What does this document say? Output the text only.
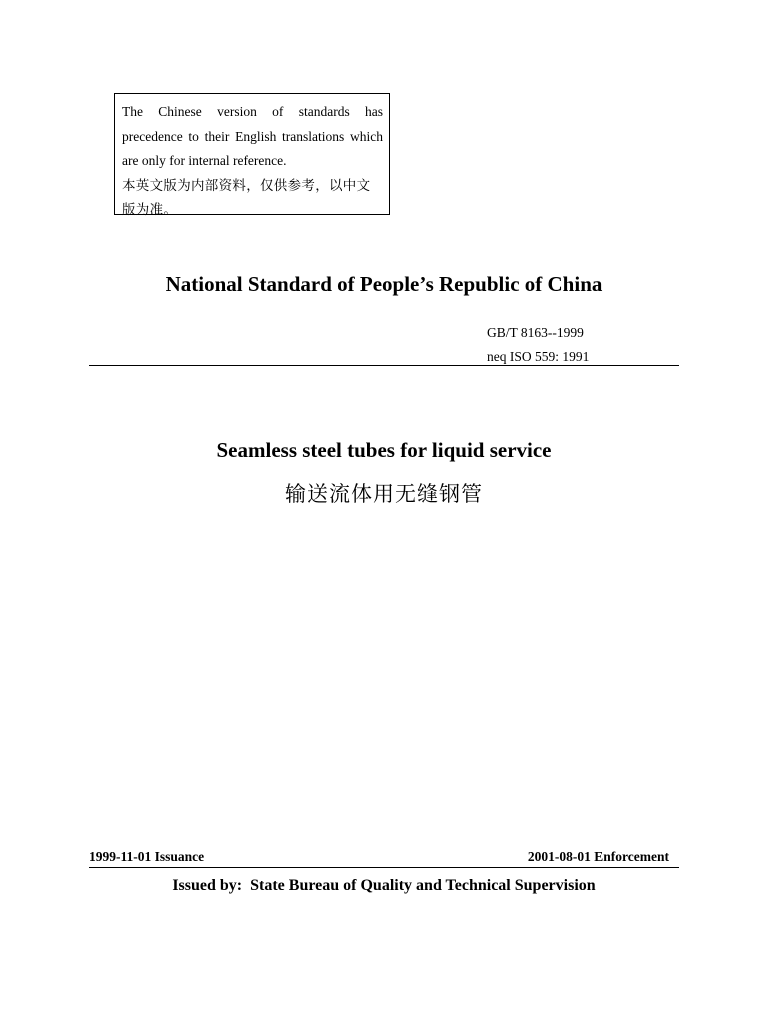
The Chinese version of standards has precedence to their English translations which are only for internal reference.
本英文版为内部资料，仅供参考，以中文版为准。
National Standard of People’s Republic of China
GB/T 8163--1999
neq ISO 559: 1991
Seamless steel tubes for liquid service
输送流体用无缝钢管
1999-11-01 Issuance	2001-08-01 Enforcement
Issued by:  State Bureau of Quality and Technical Supervision
